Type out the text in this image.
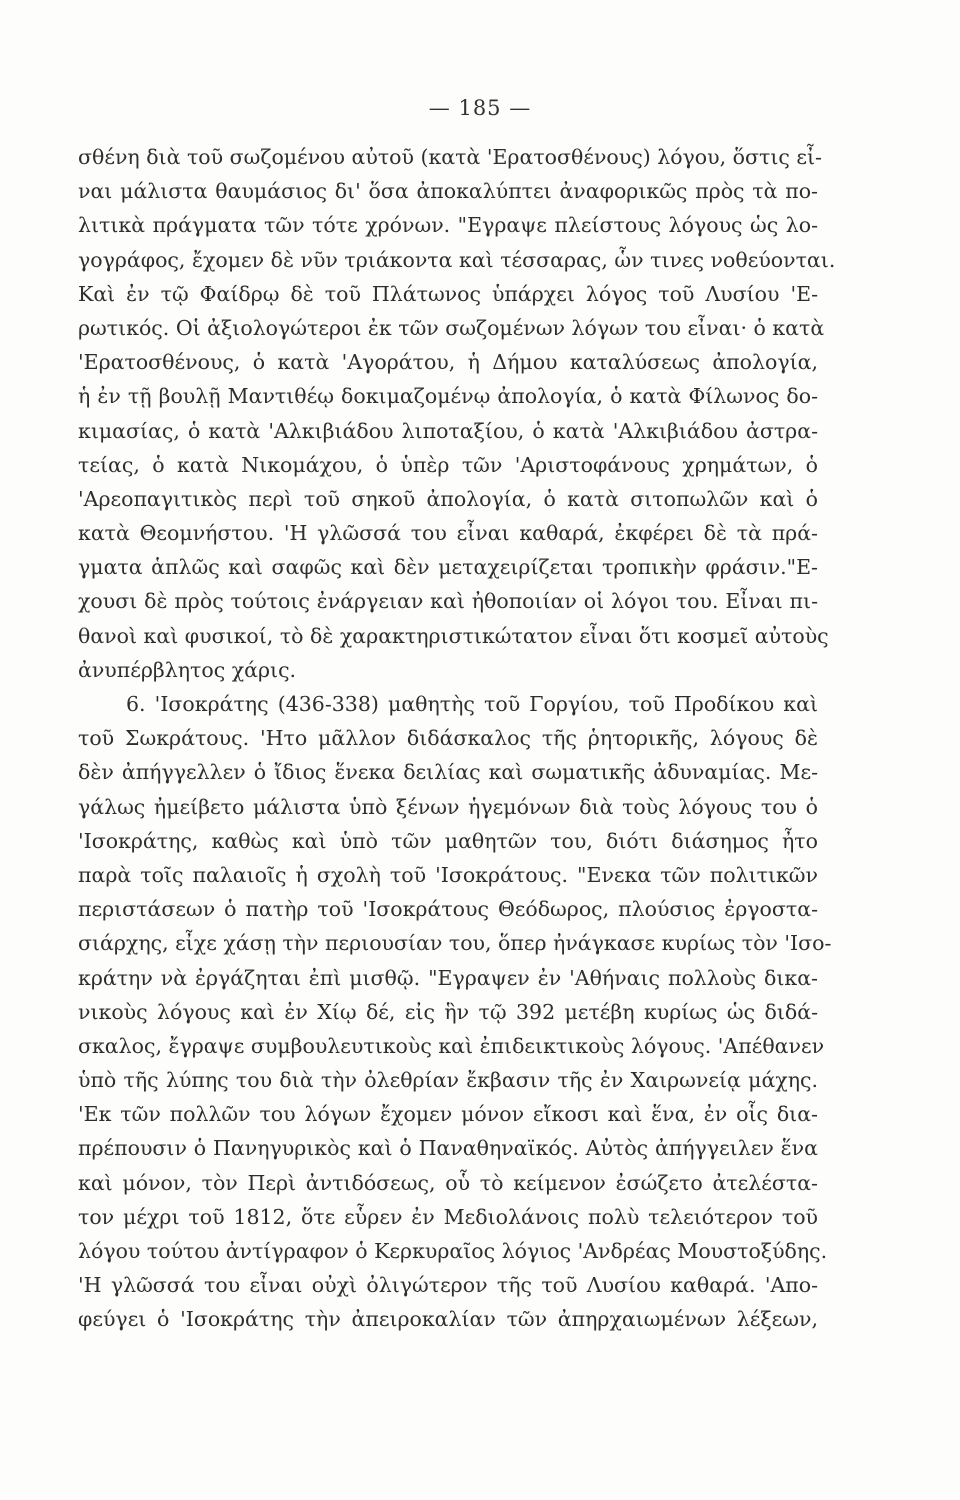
— 185 —
σθένη διὰ τοῦ σωζομένου αὐτοῦ (κατὰ 'Ερατοσθένους) λόγου, ὅστις εἶ-
ναι μάλιστα θαυμάσιος δι' ὅσα ἀποκαλύπτει ἀναφορικῶς πρὸς τὰ πο-
λιτικὰ πράγματα τῶν τότε χρόνων. "Εγραψε πλείστους λόγους ὡς λο-
γογράφος, ἔχομεν δὲ νῦν τριάκοντα καὶ τέσσαρας, ὧν τινες νοθεύονται.
Καὶ ἐν τῷ Φαίδρῳ δὲ τοῦ Πλάτωνος ὑπάρχει λόγος τοῦ Λυσίου 'Ε-
ρωτικός. Οἱ ἀξιολογώτεροι ἐκ τῶν σωζομένων λόγων του εἶναι· ὁ κατὰ
'Ερατοσθένους, ὁ κατὰ 'Αγοράτου, ἡ Δήμου καταλύσεως ἀπολογία,
ἡ ἐν τῇ βουλῇ Μαντιθέῳ δοκιμαζομένῳ ἀπολογία, ὁ κατὰ Φίλωνος δο-
κιμασίας, ὁ κατὰ 'Αλκιβιάδου λιποταξίου, ὁ κατὰ 'Αλκιβιάδου ἀστρα-
τείας, ὁ κατὰ Νικομάχου, ὁ ὑπὲρ τῶν 'Αριστοφάνους χρημάτων, ὁ
'Αρεοπαγιτικὸς περὶ τοῦ σηκοῦ ἀπολογία, ὁ κατὰ σιτοπωλῶν καὶ ὁ
κατὰ Θεομνήστου. 'Η γλῶσσά του εἶναι καθαρά, ἐκφέρει δὲ τὰ πρά-
γματα ἁπλῶς καὶ σαφῶς καὶ δὲν μεταχειρίζεται τροπικὴν φράσιν."Ε-
χουσι δὲ πρὸς τούτοις ἐνάργειαν καὶ ἠθοποιίαν οἱ λόγοι του. Εἶναι πι-
θανοὶ καὶ φυσικοί, τὸ δὲ χαρακτηριστικώτατον εἶναι ὅτι κοσμεῖ αὐτοὺς
ἀνυπέρβλητος χάρις.
6. 'Ισοκράτης (436-338) μαθητὴς τοῦ Γοργίου, τοῦ Προδίκου καὶ
τοῦ Σωκράτους. 'Ητο μᾶλλον διδάσκαλος τῆς ῥητορικῆς, λόγους δὲ
δὲν ἀπήγγελλεν ὁ ἴδιος ἕνεκα δειλίας καὶ σωματικῆς ἀδυναμίας. Με-
γάλως ἠμείβετο μάλιστα ὑπὸ ξένων ἡγεμόνων διὰ τοὺς λόγους του ὁ
'Ισοκράτης, καθὼς καὶ ὑπὸ τῶν μαθητῶν του, διότι διάσημος ἦτο
παρὰ τοῖς παλαιοῖς ἡ σχολὴ τοῦ 'Ισοκράτους. "Ενεκα τῶν πολιτικῶν
περιστάσεων ὁ πατὴρ τοῦ 'Ισοκράτους Θεόδωρος, πλούσιος ἐργοστα-
σιάρχης, εἶχε χάσῃ τὴν περιουσίαν του, ὅπερ ἠνάγκασε κυρίως τὸν 'Ισο-
κράτην νὰ ἐργάζηται ἐπὶ μισθῷ. "Εγραψεν ἐν 'Αθήναις πολλοὺς δικα-
νικοὺς λόγους καὶ ἐν Χίῳ δέ, εἰς ἣν τῷ 392 μετέβη κυρίως ὡς διδά-
σκαλος, ἔγραψε συμβουλευτικοὺς καὶ ἐπιδεικτικοὺς λόγους. 'Απέθανεν
ὑπὸ τῆς λύπης του διὰ τὴν ὀλεθρίαν ἔκβασιν τῆς ἐν Χαιρωνείᾳ μάχης.
'Εκ τῶν πολλῶν του λόγων ἔχομεν μόνον εἴκοσι καὶ ἕνα, ἐν οἷς δια-
πρέπουσιν ὁ Πανηγυρικὸς καὶ ὁ Παναθηναϊκός. Αὐτὸς ἀπήγγειλεν ἕνα
καὶ μόνον, τὸν Περὶ ἀντιδόσεως, οὗ τὸ κείμενον ἐσώζετο ἀτελέστα-
τον μέχρι τοῦ 1812, ὅτε εὗρεν ἐν Μεδιολάνοις πολὺ τελειότερον τοῦ
λόγου τούτου ἀντίγραφον ὁ Κερκυραῖος λόγιος 'Ανδρέας Μουστοξύδης.
'Η γλῶσσά του εἶναι οὐχὶ ὀλιγώτερον τῆς τοῦ Λυσίου καθαρά. 'Απο-
φεύγει ὁ 'Ισοκράτης τὴν ἀπειροκαλίαν τῶν ἀπηρχαιωμένων λέξεων,
